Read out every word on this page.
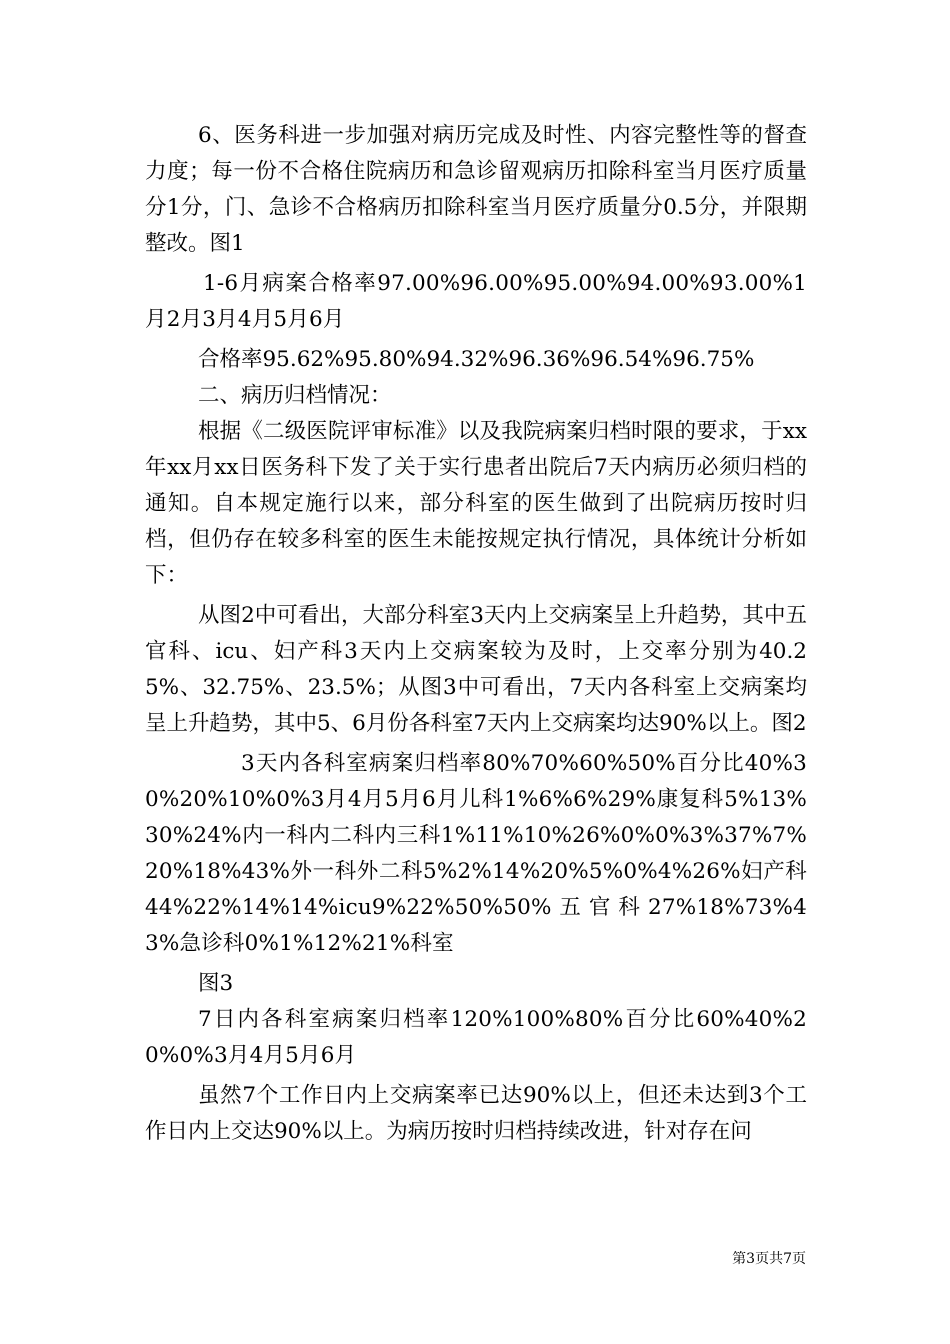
6、医务科进一步加强对病历完成及时性、内容完整性等的督查力度；每一份不合格住院病历和急诊留观病历扣除科室当月医疗质量分1分，门、急诊不合格病历扣除科室当月医疗质量分0.5分，并限期整改。图1

1-6月病案合格率97.00%96.00%95.00%94.00%93.00%1月2月3月4月5月6月

合格率95.62%95.80%94.32%96.36%96.54%96.75%

二、病历归档情况：

根据《二级医院评审标准》以及我院病案归档时限的要求，于xx年xx月xx日医务科下发了关于实行患者出院后7天内病历必须归档的通知。自本规定施行以来，部分科室的医生做到了出院病历按时归档，但仍存在较多科室的医生未能按规定执行情况，具体统计分析如下：

从图2中可看出，大部分科室3天内上交病案呈上升趋势，其中五官科、icu、妇产科3天内上交病案较为及时，上交率分别为40.25%、32.75%、23.5%；从图3中可看出，7天内各科室上交病案均呈上升趋势，其中5、6月份各科室7天内上交病案均达90%以上。图2

3天内各科室病案归档率80%70%60%50%百分比40%30%20%10%0%3月4月5月6月儿科1%6%6%29%康复科5%13%30%24%内一科内二科内三科1%11%10%26%0%0%3%37%7%20%18%43%外一科外二科5%2%14%20%5%0%4%26%妇产科44%22%14%14%icu9%22%50%50%五官科27%18%73%43%急诊科0%1%12%21%科室

图3

7日内各科室病案归档率120%100%80%百分比60%40%20%0%3月4月5月6月

虽然7个工作日内上交病案率已达90%以上，但还未达到3个工作日内上交达90%以上。为病历按时归档持续改进，针对存在问

第3页共7页
